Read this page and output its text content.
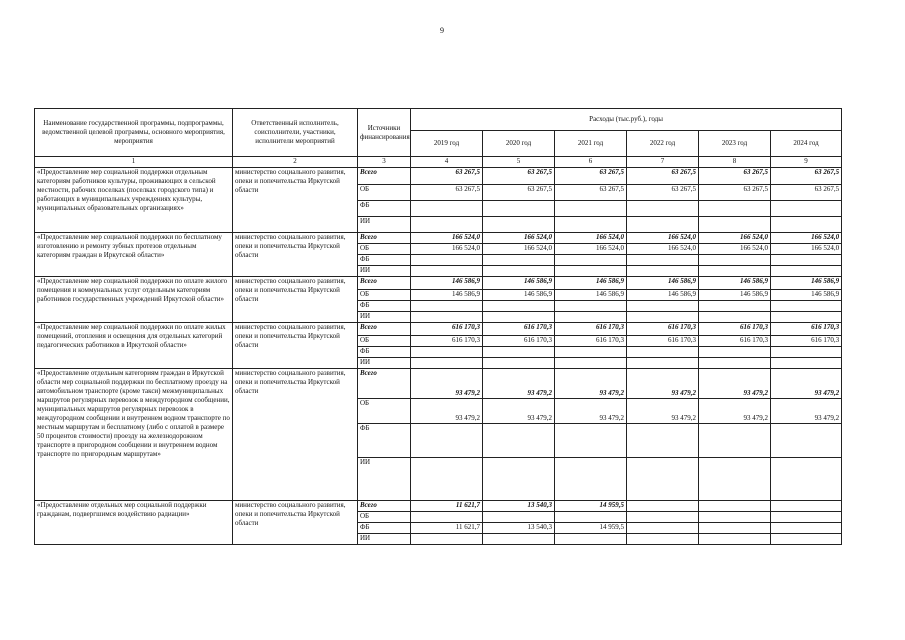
9
Наименование государственной программы, подпрограммы, ведомственной целевой программы, основного мероприятия, мероприятия	Ответственный исполнитель, соисполнители, участники, исполнители мероприятий	Источники финансирования	Расходы (тыс.руб.), годы					
			2019 год	2020 год	2021 год	2022 год	2023 год	2024 год
1	2	3	4	5	6	7	8	9
«Предоставление мер социальной поддержки отдельным категориям работников культуры, проживающих в сельской местности, рабочих поселках (поселках городского типа) и работающих в муниципальных учреждениях культуры, муниципальных образовательных организациях»	министерство социального развития, опеки и попечительства Иркутской области	Всего	63 267,5	63 267,5	63 267,5	63 267,5	63 267,5	63 267,5
		ОБ	63 267,5	63 267,5	63 267,5	63 267,5	63 267,5	63 267,5
		ФБ						
		ИИ						
«Предоставление мер социальной поддержки по бесплатному изготовлению и ремонту зубных протезов отдельным категориям граждан в Иркутской области»	министерство социального развития, опеки и попечительства Иркутской области	Всего	166 524,0	166 524,0	166 524,0	166 524,0	166 524,0	166 524,0
		ОБ	166 524,0	166 524,0	166 524,0	166 524,0	166 524,0	166 524,0
		ФБ						
		ИИ						
«Предоставление мер социальной поддержки по оплате жилого помещения и коммунальных услуг отдельным категориям работников государственных учреждений Иркутской области»	министерство социального развития, опеки и попечительства Иркутской области	Всего	146 586,9	146 586,9	146 586,9	146 586,9	146 586,9	146 586,9
		ОБ	146 586,9	146 586,9	146 586,9	146 586,9	146 586,9	146 586,9
		ФБ						
		ИИ						
«Предоставление мер социальной поддержки по оплате жилых помещений, отопления и освещения для отдельных категорий педагогических работников в Иркутской области»	министерство социального развития, опеки и попечительства Иркутской области	Всего	616 170,3	616 170,3	616 170,3	616 170,3	616 170,3	616 170,3
		ОБ	616 170,3	616 170,3	616 170,3	616 170,3	616 170,3	616 170,3
		ФБ						
		ИИ						
«Предоставление отдельным категориям граждан в Иркутской области мер социальной поддержки по бесплатному проезду на автомобильном транспорте (кроме такси) межмуниципальных маршрутов регулярных перевозок в междугородном сообщении, муниципальных маршрутов регулярных перевозок в междугородном сообщении и внутреннем водном транспорте по местным маршрутам и бесплатному (либо с оплатой в размере 50 процентов стоимости) проезду на железнодорожном транспорте в пригородном сообщении и внутреннем водном транспорте по пригородным маршрутам»	министерство социального развития, опеки и попечительства Иркутской области	Всего	93 479,2	93 479,2	93 479,2	93 479,2	93 479,2	93 479,2
		ОБ	93 479,2	93 479,2	93 479,2	93 479,2	93 479,2	93 479,2
		ФБ						
		ИИ						
«Предоставление отдельных мер социальной поддержки гражданам, подвергшимся воздействию радиации»	министерство социального развития, опеки и попечительства Иркутской области	Всего	11 621,7	13 540,3	14 959,5			
		ОБ						
		ФБ	11 621,7	13 540,3	14 959,5			
		ИИ						
